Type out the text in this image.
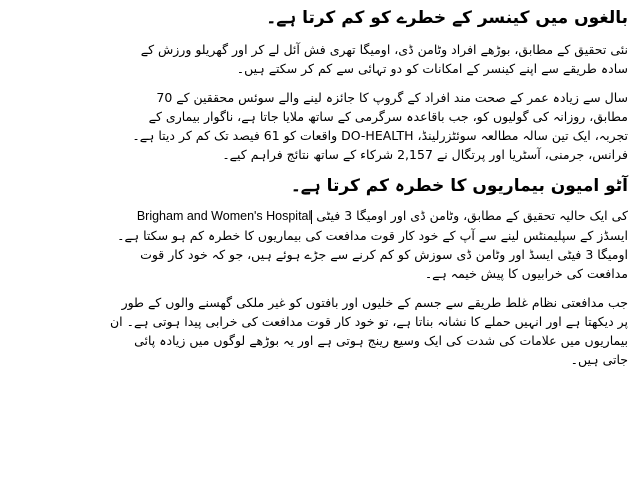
بالغوں میں کینسر کے خطرے کو کم کرتا ہے۔
نئی تحقیق کے مطابق، بوڑھے افراد وٹامن ڈی، اومیگا تھری فش آئل لے کر اور گھریلو ورزش کے
سادہ طریقے سے اپنے کینسر کے امکانات کو دو تہائی سے کم کر سکتے ہیں۔
سال سے زیادہ عمر کے صحت مند افراد کے گروپ کا جائزہ لینے والے سوئس محققین کے 70
مطابق، روزانہ کی گولیوں کو، جب باقاعدہ سرگرمی کے ساتھ ملایا جاتا ہے، ناگوار بیماری کے
تجربہ، ایک تین سالہ مطالعہ سوئٹزرلینڈ، DO-HEALTH واقعات کو 61 فیصد تک کم کر دیتا ہے۔
فرانس، جرمنی، آسٹریا اور پرتگال نے 2,157 شرکاء کے ساتھ نتائج فراہم کیے۔
آٹو امیون بیماریوں کا خطرہ کم کرتا ہے۔
کی ایک حالیہ تحقیق کے مطابق، وٹامن ڈی اور اومیگا 3 فیٹی Brigham and Women's Hospital
ایسڈز کے سپلیمنٹس لینے سے آپ کے خود کار قوت مدافعت کی بیماریوں کا خطرہ کم ہو سکتا ہے۔
اومیگا 3 فیٹی ایسڈ اور وٹامن ڈی سوزش کو کم کرنے سے جڑے ہوئے ہیں، جو کہ خود کار قوت
مدافعت کی خرابیوں کا پیش خیمہ ہے۔
جب مدافعتی نظام غلط طریقے سے جسم کے خلیوں اور بافتوں کو غیر ملکی گھسنے والوں کے طور
پر دیکھتا ہے اور انہیں حملے کا نشانہ بناتا ہے، تو خود کار قوت مدافعت کی خرابی پیدا ہوتی ہے۔ ان
بیماریوں میں علامات کی شدت کی ایک وسیع رینج ہوتی ہے اور یہ بوڑھے لوگوں میں زیادہ پائی
جاتی ہیں۔
